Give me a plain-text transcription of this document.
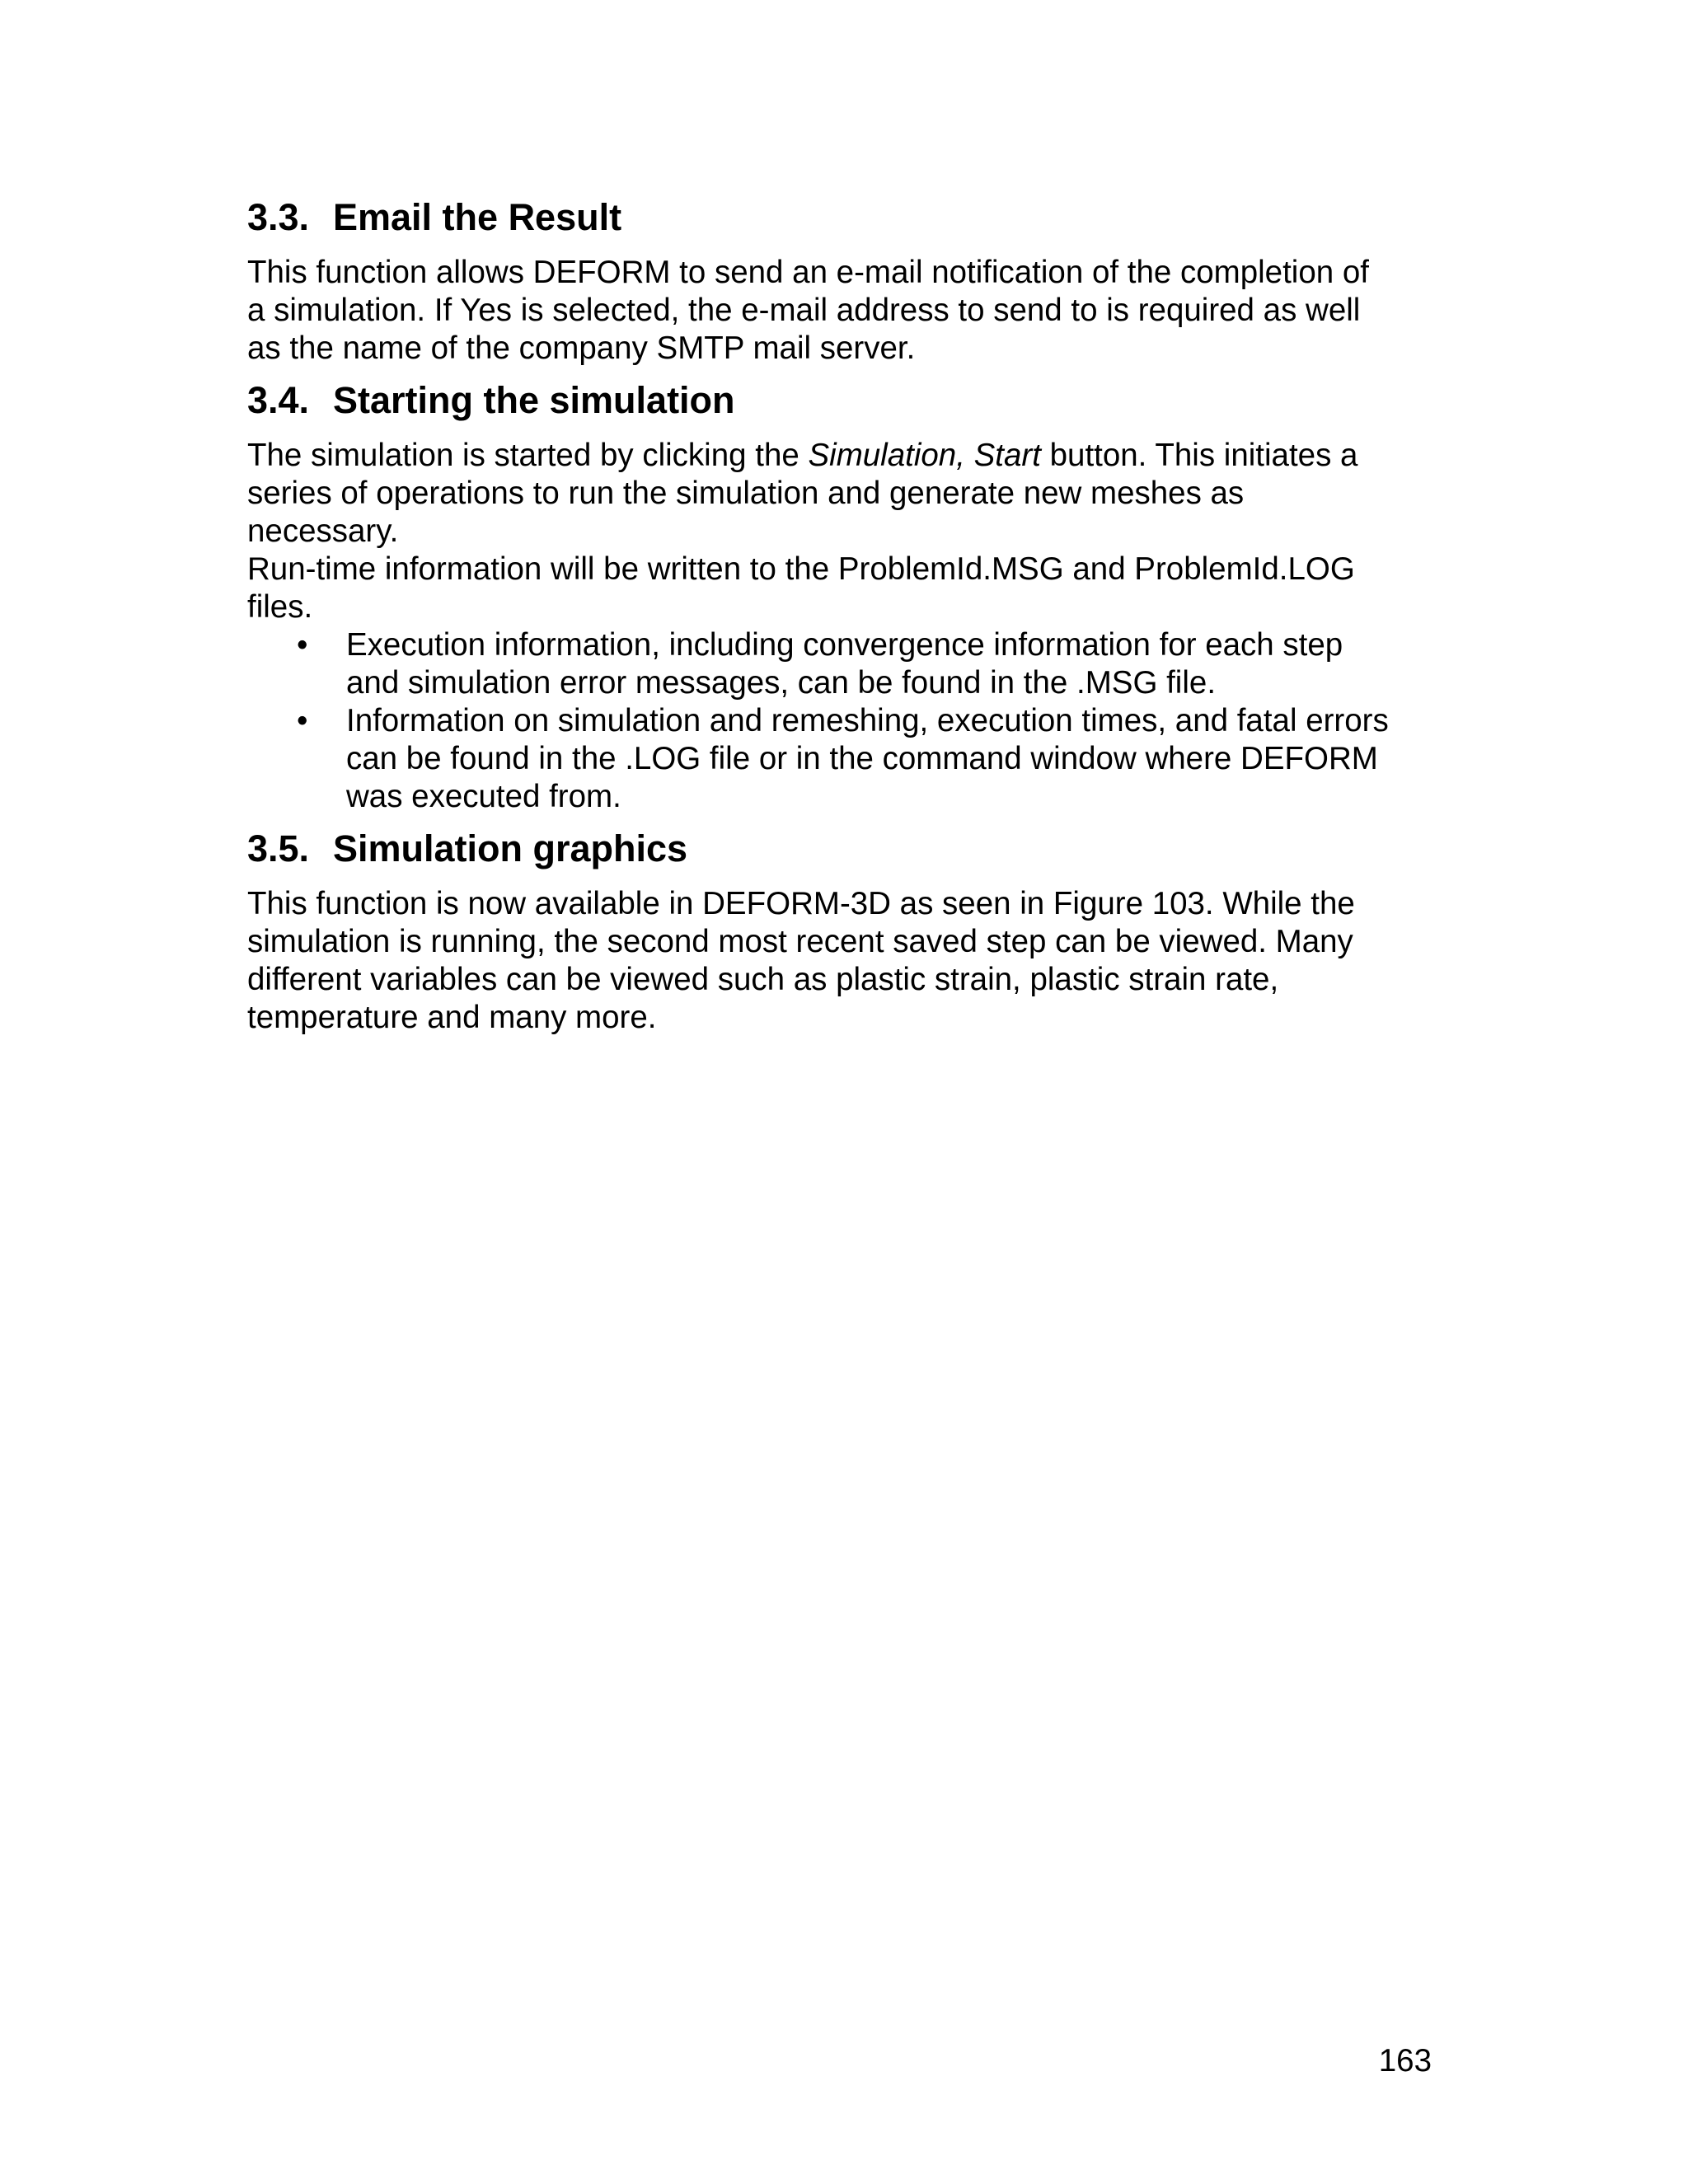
3.3. Email the Result

This function allows DEFORM to send an e-mail notification of the completion of
a simulation. If Yes is selected, the e-mail address to send to is required as well
as the name of the company SMTP mail server.

3.4. Starting the simulation

The simulation is started by clicking the Simulation, Start button. This initiates a
series of operations to run the simulation and generate new meshes as
necessary.
Run-time information will be written to the ProblemId.MSG and ProblemId.LOG
files.

• Execution information, including convergence information for each step
and simulation error messages, can be found in the .MSG file.
• Information on simulation and remeshing, execution times, and fatal errors
can be found in the .LOG file or in the command window where DEFORM
was executed from.
3.5. Simulation graphics

This function is now available in DEFORM-3D as seen in Figure 103. While the
simulation is running, the second most recent saved step can be viewed. Many
different variables can be viewed such as plastic strain, plastic strain rate,
temperature and many more.

163
